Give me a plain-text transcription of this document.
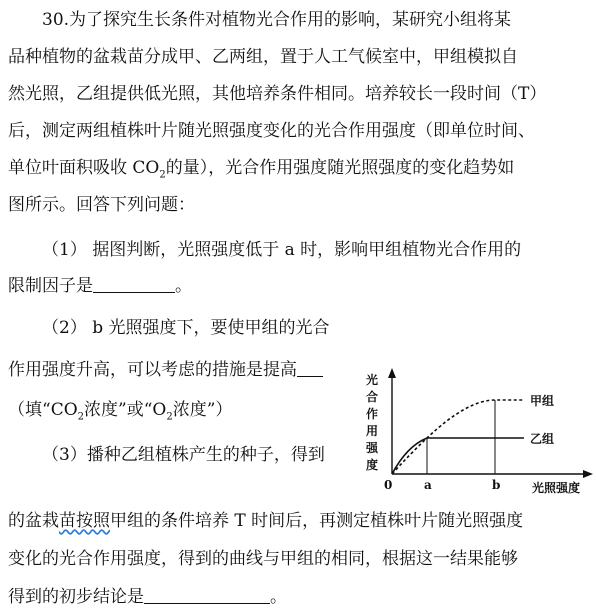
30.为了探究生长条件对植物光合作用的影响，某研究小组将某
品种植物的盆栽苗分成甲、乙两组，置于人工气候室中，甲组模拟自
然光照，乙组提供低光照，其他培养条件相同。培养较长一段时间（T）
后，测定两组植株叶片随光照强度变化的光合作用强度（即单位时间、
单位叶面积吸收 $CO_2$的量），光合作用强度随光照强度的变化趋势如
图所示。回答下列问题：
（1） 据图判断，光照强度低于 a 时，影响甲组植物光合作用的
限制因子是	。
（2） b 光照强度下，要使甲组的光合
作用强度升高，可以考虑的措施是提高
（填“$CO_2$浓度”或“$O_2$浓度”）
（3）播种乙组植株产生的种子，得到
的盆栽苗按照甲组的条件培养 T 时间后，再测定植株叶片随光照强度
变化的光合作用强度，得到的曲线与甲组的相同，根据这一结果能够
得到的初步结论是	。
光
合
作
用
强
度
0	a	b	光照强度
甲组
乙组
